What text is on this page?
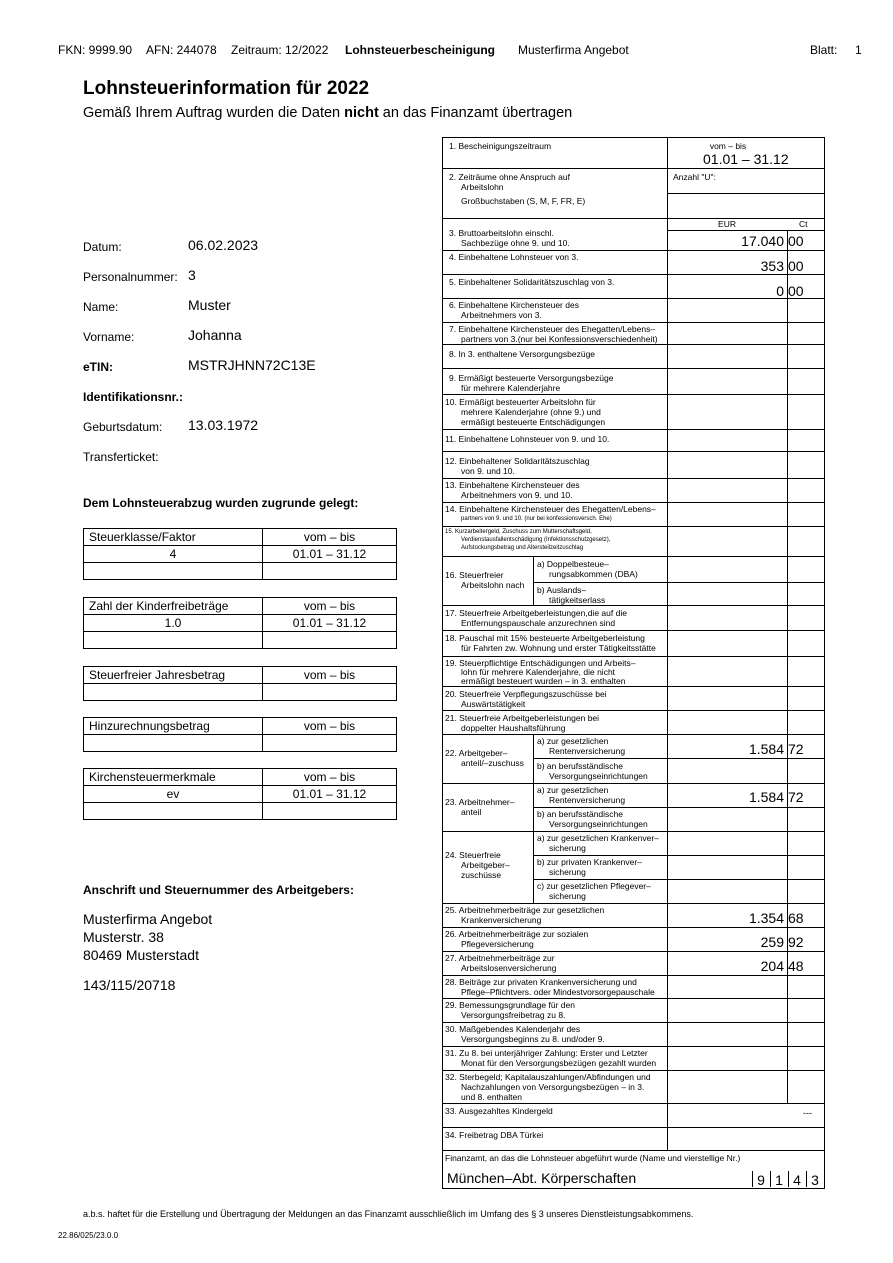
FKN: 9999.90 AFN: 244078 Zeitraum: 12/2022 Lohnsteuerbescheinigung Musterfirma Angebot	Blatt: 1
Lohnsteuerinformation für 2022
Gemäß Ihrem Auftrag wurden die Daten nicht an das Finanzamt übertragen
Datum:	06.02.2023
Personalnummer: 3
Name:	Muster
Vorname:	Johanna
eTIN:	MSTRJHNN72C13E
Identifikationsnr.:
Geburtsdatum: 13.03.1972
Transferticket:
Dem Lohnsteuerabzug wurden zugrunde gelegt:
Steuerklasse/Faktor	vom – bis
4	01.01 – 31.12

Zahl der Kinderfreibeträge	vom – bis
1.0	01.01 – 31.12

Steuerfreier Jahresbetrag	vom – bis

Hinzurechnungsbetrag	vom – bis

Kirchensteuermerkmale	vom – bis
ev	01.01 – 31.12

Anschrift und Steuernummer des Arbeitgebers:
Musterfirma Angebot
Musterstr. 38
80469 Musterstadt
143/115/20718
1. Bescheinigungszeitraum	vom – bis
01.01 – 31.12
2. Zeiträume ohne Anspruch auf
Arbeitslohn
Großbuchstaben (S, M, F, FR, E)
Anzahl "U":
EUR	Ct
3. Bruttoarbeitslohn einschl.
Sachbezüge ohne 9. und 10.	17.040 00
4. Einbehaltene Lohnsteuer von 3.
353 00
5. Einbehaltener Solidaritätszuschlag von 3.
0 00
6. Einbehaltene Kirchensteuer des
Arbeitnehmers von 3.
7. Einbehaltene Kirchensteuer des Ehegatten/Lebens–
partners von 3.(nur bei Konfessionsverschiedenheit)
8. In 3. enthaltene Versorgungsbezüge
9. Ermäßigt besteuerte Versorgungsbezüge
für mehrere Kalenderjahre
10. Ermäßigt besteuerter Arbeitslohn für
mehrere Kalenderjahre (ohne 9.) und
ermäßigt besteuerte Entschädigungen
11. Einbehaltene Lohnsteuer von 9. und 10.
12. Einbehaltener Solidaritätszuschlag
von 9. und 10.
13. Einbehaltene Kirchensteuer des
Arbeitnehmers von 9. und 10.
14. Einbehaltene Kirchensteuer des Ehegatten/Lebens–
partners von 9. und 10. (nur bei konfessionsversch. Ehe)
15. Kurzarbeitergeld, Zuschuss zum Mutterschaftsgeld,
Verdienstausfallentschädigung (Infektionsschutzgesetz),
Aufstockungsbetrag und Altersteilzeitzuschlag
16. Steuerfreier
Arbeitslohn nach
a) Doppelbesteue–
rungsabkommen (DBA)
b) Auslands–
tätigkeitserlass
17. Steuerfreie Arbeitgeberleistungen,die auf die
Entfernungspauschale anzurechnen sind
18. Pauschal mit 15% besteuerte Arbeitgeberleistung
für Fahrten zw. Wohnung und erster Tätigkeitsstätte
19. Steuerpflichtige Entschädigungen und Arbeits–
lohn für mehrere Kalenderjahre, die nicht
ermäßigt besteuert wurden – in 3. enthalten
20. Steuerfreie Verpflegungszuschüsse bei
Auswärtstätigkeit
21. Steuerfreie Arbeitgeberleistungen bei
doppelter Haushaltsführung
22. Arbeitgeber–
anteil/–zuschuss
a) zur gesetzlichen
Rentenversicherung	1.584 72
b) an berufsständische
Versorgungseinrichtungen
23. Arbeitnehmer–
anteil
a) zur gesetzlichen
Rentenversicherung	1.584 72
b) an berufsständische
Versorgungseinrichtungen
24. Steuerfreie
Arbeitgeber–
zuschüsse
a) zur gesetzlichen Krankenver–
sicherung
b) zur privaten Krankenver–
sicherung
c) zur gesetzlichen Pflegever–
sicherung
25. Arbeitnehmerbeiträge zur gesetzlichen
Krankenversicherung	1.354 68
26. Arbeitnehmerbeiträge zur sozialen
Pflegeversicherung	259 92
27. Arbeitnehmerbeiträge zur
Arbeitslosenversicherung	204 48
28. Beiträge zur privaten Krankenversicherung und
Pflege–Pflichtvers. oder Mindestvorsorgepauschale
29. Bemessungsgrundlage für den
Versorgungsfreibetrag zu 8.
30. Maßgebendes Kalenderjahr des
Versorgungsbeginns zu 8. und/oder 9.
31. Zu 8. bei unterjähriger Zahlung: Erster und Letzter
Monat für den Versorgungsbezügen gezahlt wurden
32. Sterbegeld; Kapitalauszahlungen/Abfindungen und
Nachzahlungen von Versorgungsbezügen – in 3.
und 8. enthalten
33. Ausgezahltes Kindergeld	---
34. Freibetrag DBA Türkei
Finanzamt, an das die Lohnsteuer abgeführt wurde (Name und vierstellige Nr.)
München–Abt. Körperschaften	9 1 4 3
a.b.s. haftet für die Erstellung und Übertragung der Meldungen an das Finanzamt ausschließlich im Umfang des § 3 unseres Dienstleistungsabkommens.
22.86/025/23.0.0
